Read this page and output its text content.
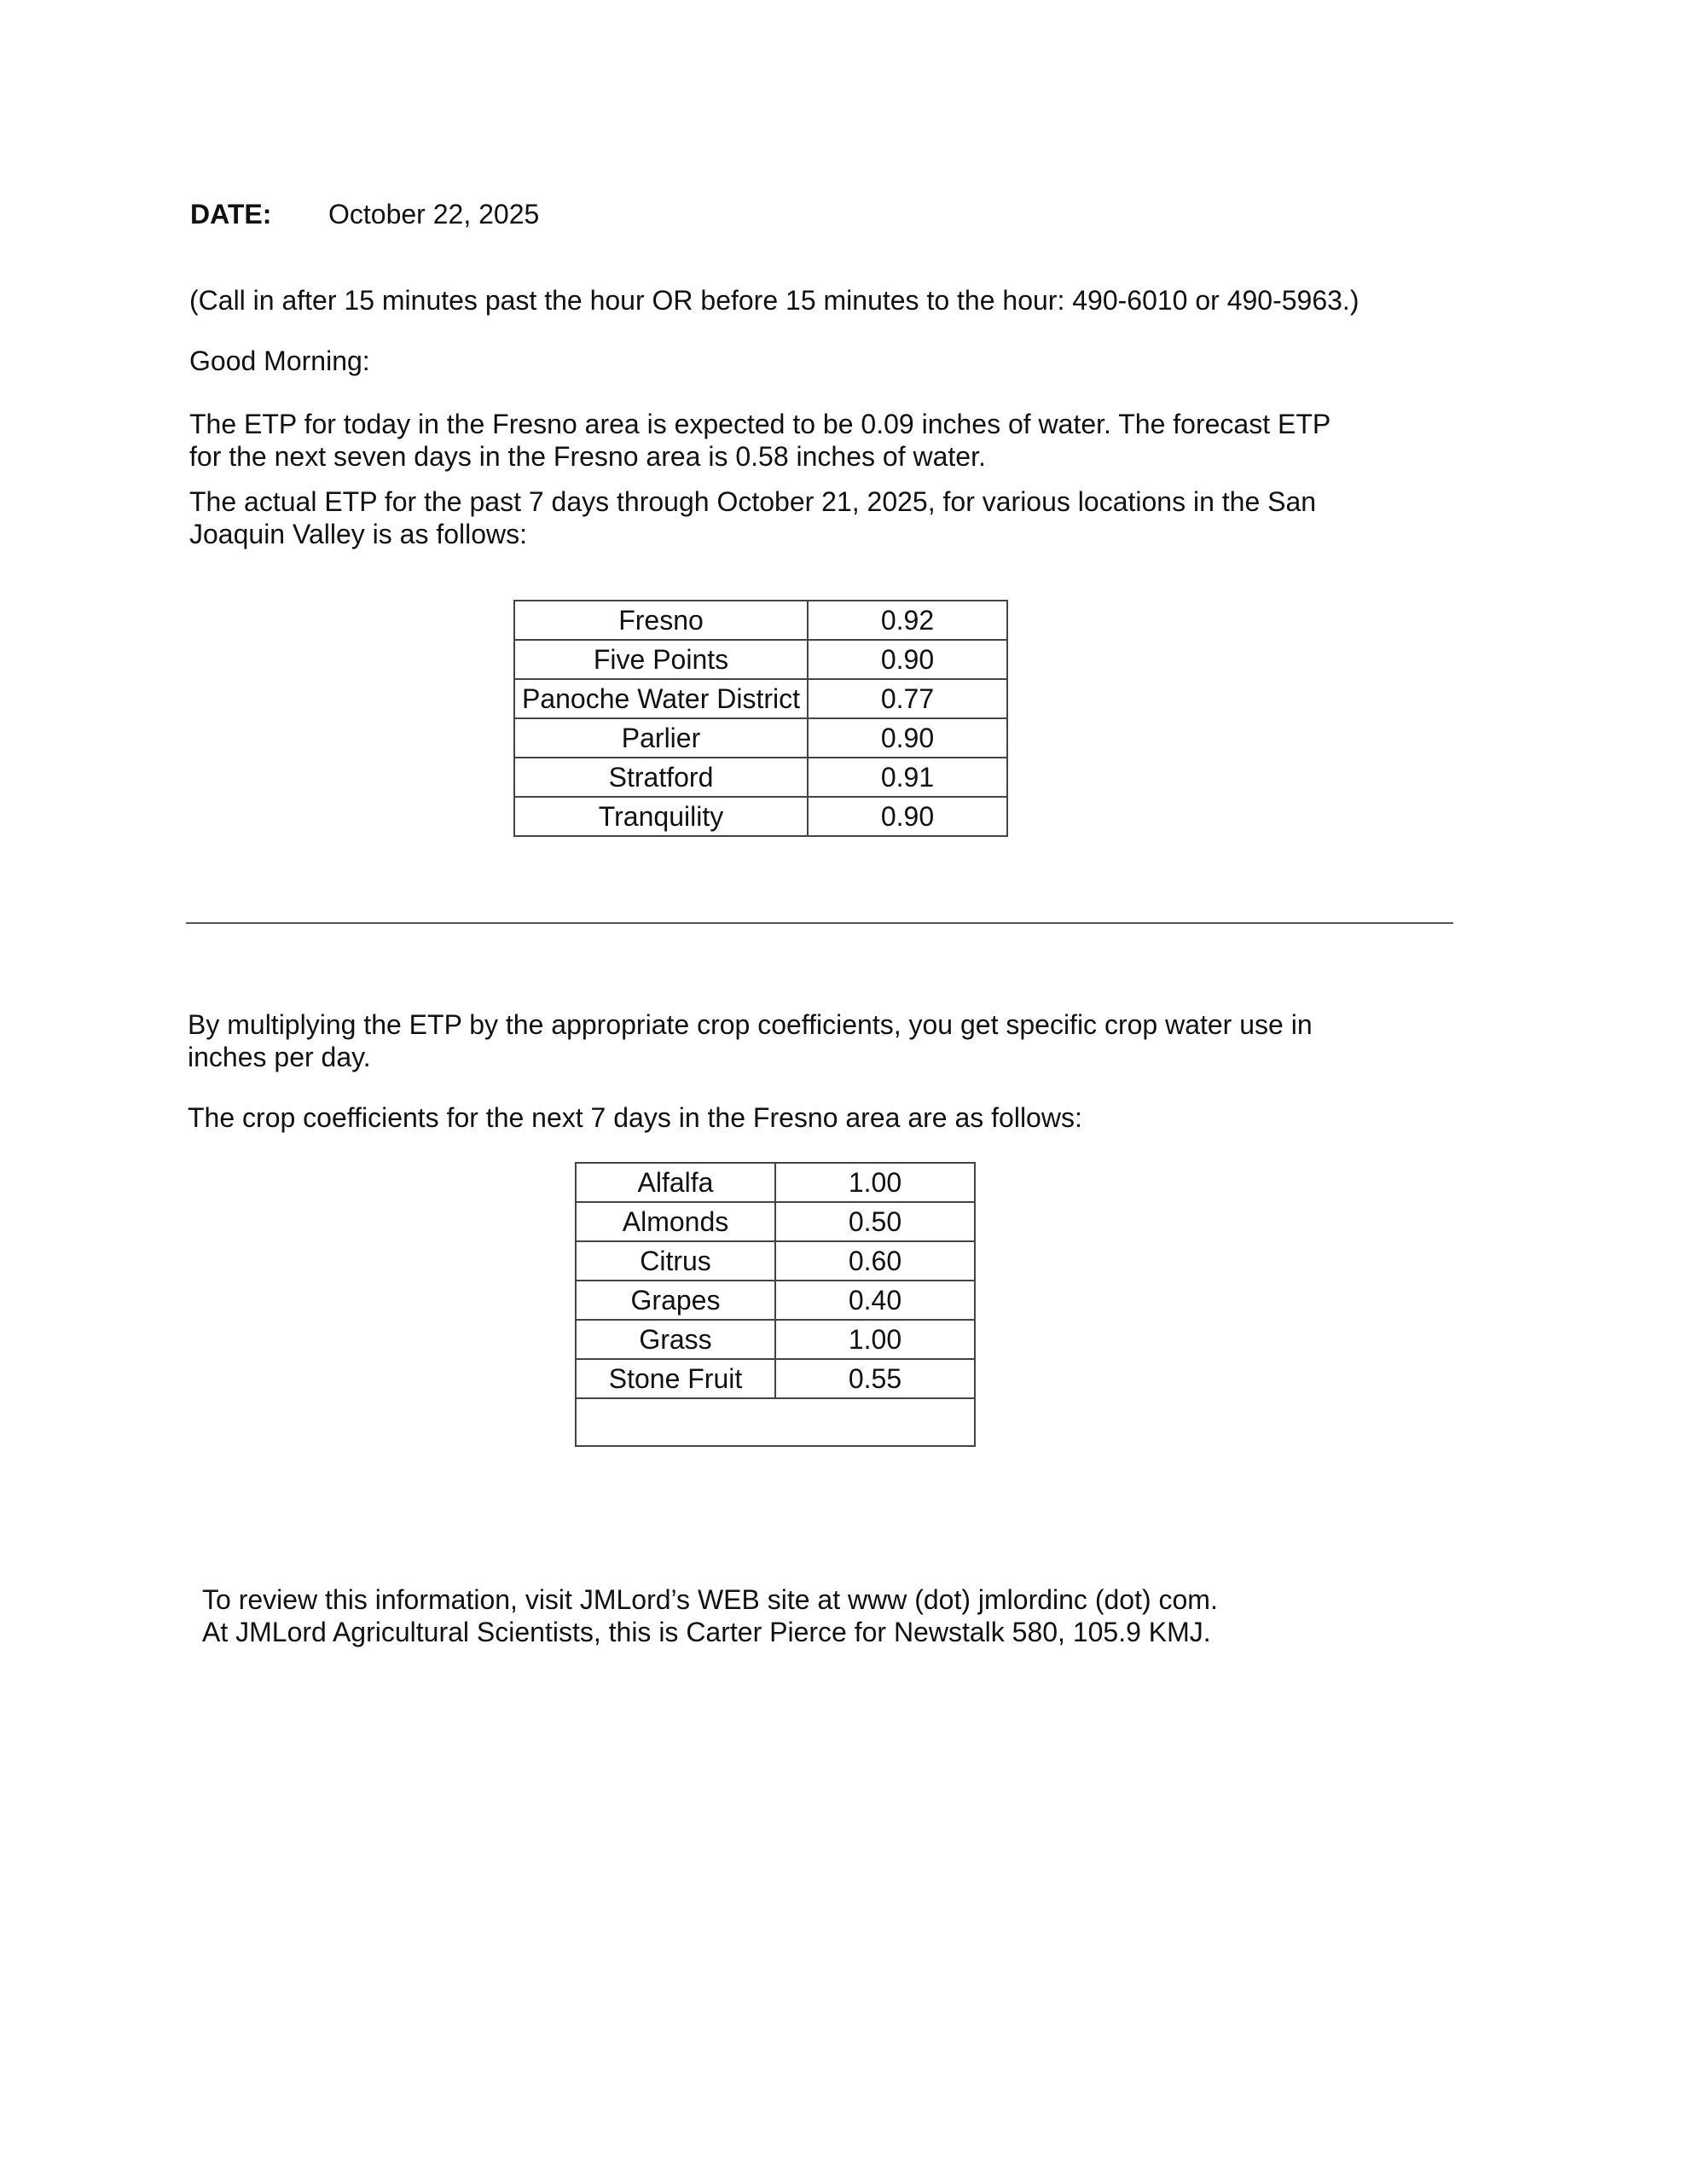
DATE: October 22, 2025
(Call in after 15 minutes past the hour OR before 15 minutes to the hour: 490-6010 or 490-5963.)
Good Morning:
The ETP for today in the Fresno area is expected to be 0.09 inches of water. The forecast ETP
for the next seven days in the Fresno area is 0.58 inches of water.
The actual ETP for the past 7 days through October 21, 2025, for various locations in the San
Joaquin Valley is as follows:
Fresno	0.92
Five Points	0.90
Panoche Water District	0.77
Parlier	0.90
Stratford	0.91
Tranquility	0.90
By multiplying the ETP by the appropriate crop coefficients, you get specific crop water use in
inches per day.
The crop coefficients for the next 7 days in the Fresno area are as follows:
Alfalfa	1.00
Almonds	0.50
Citrus	0.60
Grapes	0.40
Grass	1.00
Stone Fruit	0.55

To review this information, visit JMLord’s WEB site at www (dot) jmlordinc (dot) com.
At JMLord Agricultural Scientists, this is Carter Pierce for Newstalk 580, 105.9 KMJ.
